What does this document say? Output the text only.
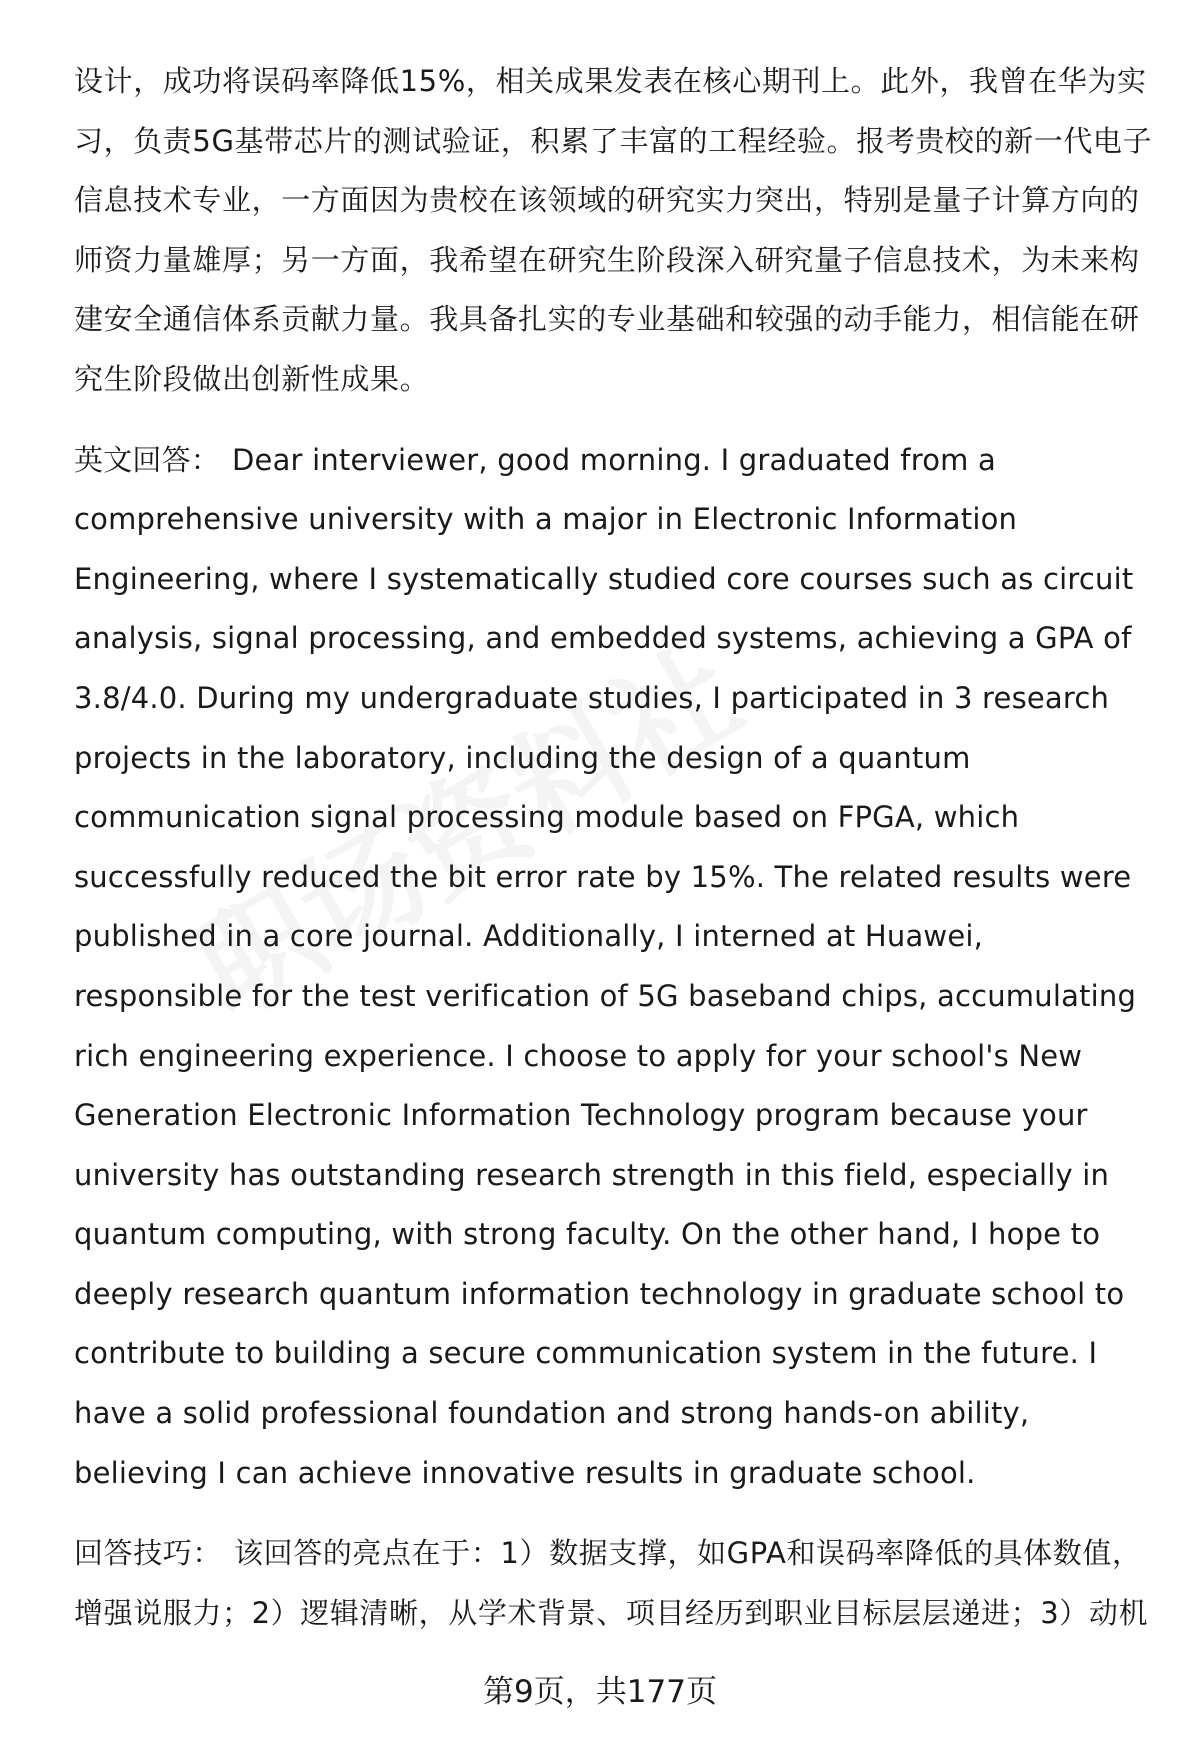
设计，成功将误码率降低15%，相关成果发表在核心期刊上。此外，我曾在华为实习，负责5G基带芯片的测试验证，积累了丰富的工程经验。报考贵校的新一代电子信息技术专业，一方面因为贵校在该领域的研究实力突出，特别是量子计算方向的师资力量雄厚；另一方面，我希望在研究生阶段深入研究量子信息技术，为未来构建安全通信体系贡献力量。我具备扎实的专业基础和较强的动手能力，相信能在研究生阶段做出创新性成果。

英文回答： Dear interviewer, good morning. I graduated from a comprehensive university with a major in Electronic Information Engineering, where I systematically studied core courses such as circuit analysis, signal processing, and embedded systems, achieving a GPA of 3.8/4.0. During my undergraduate studies, I participated in 3 research projects in the laboratory, including the design of a quantum communication signal processing module based on FPGA, which successfully reduced the bit error rate by 15%. The related results were published in a core journal. Additionally, I interned at Huawei, responsible for the test verification of 5G baseband chips, accumulating rich engineering experience. I choose to apply for your school's New Generation Electronic Information Technology program because your university has outstanding research strength in this field, especially in quantum computing, with strong faculty. On the other hand, I hope to deeply research quantum information technology in graduate school to contribute to building a secure communication system in the future. I have a solid professional foundation and strong hands-on ability, believing I can achieve innovative results in graduate school.

回答技巧： 该回答的亮点在于：1）数据支撑，如GPA和误码率降低的具体数值，增强说服力；2）逻辑清晰，从学术背景、项目经历到职业目标层层递进；3）动机

第9页，共177页
